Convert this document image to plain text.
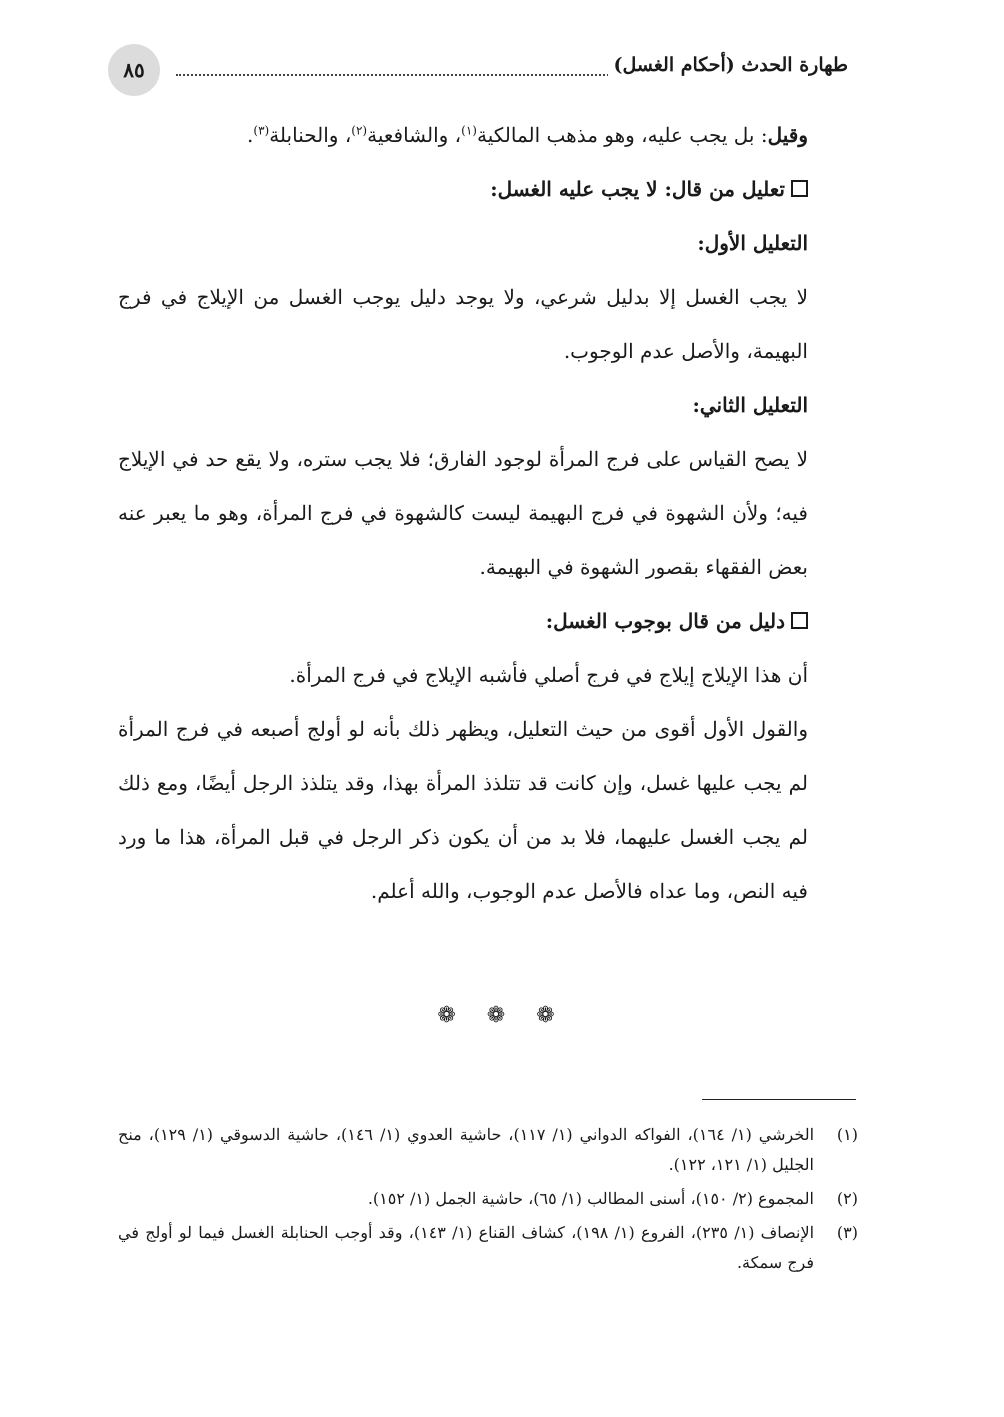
طهارة الحدث (أحكام الغسل)
٨٥

وقيل: بل يجب عليه، وهو مذهب المالكية$^{(١)}$، والشافعية$^{(٢)}$، والحنابلة$^{(٣)}$.

تعليل من قال: لا يجب عليه الغسل:

التعليل الأول:

لا يجب الغسل إلا بدليل شرعي، ولا يوجد دليل يوجب الغسل من الإيلاج في فرج البهيمة، والأصل عدم الوجوب.

التعليل الثاني:

لا يصح القياس على فرج المرأة لوجود الفارق؛ فلا يجب ستره، ولا يقع حد في الإيلاج فيه؛ ولأن الشهوة في فرج البهيمة ليست كالشهوة في فرج المرأة، وهو ما يعبر عنه بعض الفقهاء بقصور الشهوة في البهيمة.

دليل من قال بوجوب الغسل:

أن هذا الإيلاج إيلاج في فرج أصلي فأشبه الإيلاج في فرج المرأة.

والقول الأول أقوى من حيث التعليل، ويظهر ذلك بأنه لو أولج أصبعه في فرج المرأة لم يجب عليها غسل، وإن كانت قد تتلذذ المرأة بهذا، وقد يتلذذ الرجل أيضًا، ومع ذلك لم يجب الغسل عليهما، فلا بد من أن يكون ذكر الرجل في قبل المرأة، هذا ما ورد فيه النص، وما عداه فالأصل عدم الوجوب، والله أعلم.

❁ ❁ ❁
(١)
الخرشي (١/ ١٦٤)، الفواكه الدواني (١/ ١١٧)، حاشية العدوي (١/ ١٤٦)، حاشية الدسوقي (١/ ١٢٩)، منح الجليل (١/ ١٢١، ١٢٢).
(٢)
المجموع (٢/ ١٥٠)، أسنى المطالب (١/ ٦٥)، حاشية الجمل (١/ ١٥٢).
(٣)
الإنصاف (١/ ٢٣٥)، الفروع (١/ ١٩٨)، كشاف القناع (١/ ١٤٣)، وقد أوجب الحنابلة الغسل فيما لو أولج في فرج سمكة.
